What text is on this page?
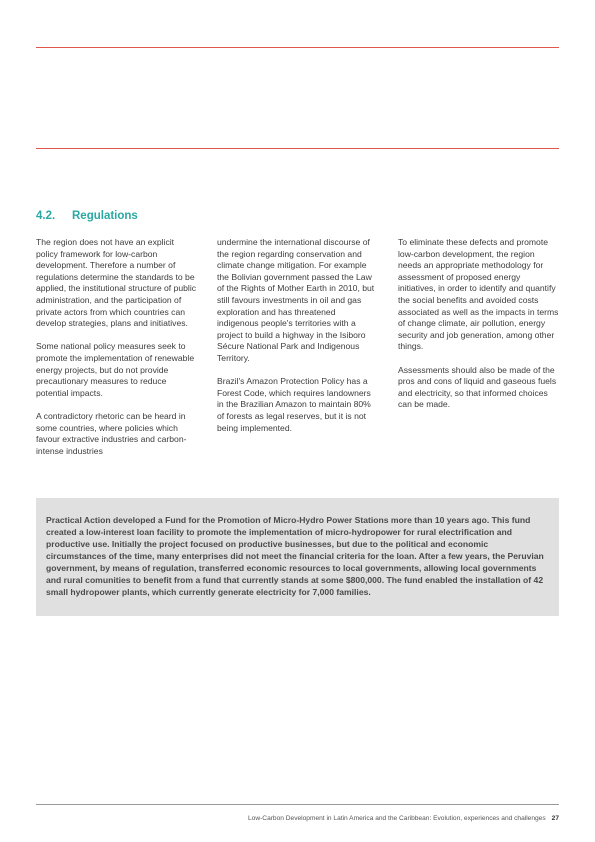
4.2. Regulations

The region does not have an explicit policy framework for low-carbon development. Therefore a number of regulations determine the standards to be applied, the institutional structure of public administration, and the participation of private actors from which countries can develop strategies, plans and initiatives.

Some national policy measures seek to promote the implementation of renewable energy projects, but do not provide precautionary measures to reduce potential impacts.

A contradictory rhetoric can be heard in some countries, where policies which favour extractive industries and carbon-intense industries

undermine the international discourse of the region regarding conservation and climate change mitigation. For example the Bolivian government passed the Law of the Rights of Mother Earth in 2010, but still favours investments in oil and gas exploration and has threatened indigenous people's territories with a project to build a highway in the Isiboro Sécure National Park and Indigenous Territory.

Brazil's Amazon Protection Policy has a Forest Code, which requires landowners in the Brazilian Amazon to maintain 80% of forests as legal reserves, but it is not being implemented.

To eliminate these defects and promote low-carbon development, the region needs an appropriate methodology for assessment of proposed energy initiatives, in order to identify and quantify the social benefits and avoided costs associated as well as the impacts in terms of change climate, air pollution, energy security and job generation, among other things.

Assessments should also be made of the pros and cons of liquid and gaseous fuels and electricity, so that informed choices can be made.

Practical Action developed a Fund for the Promotion of Micro-Hydro Power Stations more than 10 years ago. This fund created a low-interest loan facility to promote the implementation of micro-hydropower for rural electrification and productive use. Initially the project focused on productive businesses, but due to the political and economic circumstances of the time, many enterprises did not meet the financial criteria for the loan. After a few years, the Peruvian government, by means of regulation, transferred economic resources to local governments, allowing local governments and rural comunities to benefit from a fund that currently stands at some $800,000. The fund enabled the installation of 42 small hydropower plants, which currently generate electricity for 7,000 families.

Low-Carbon Development in Latin America and the Caribbean: Evolution, experiences and challenges 27
